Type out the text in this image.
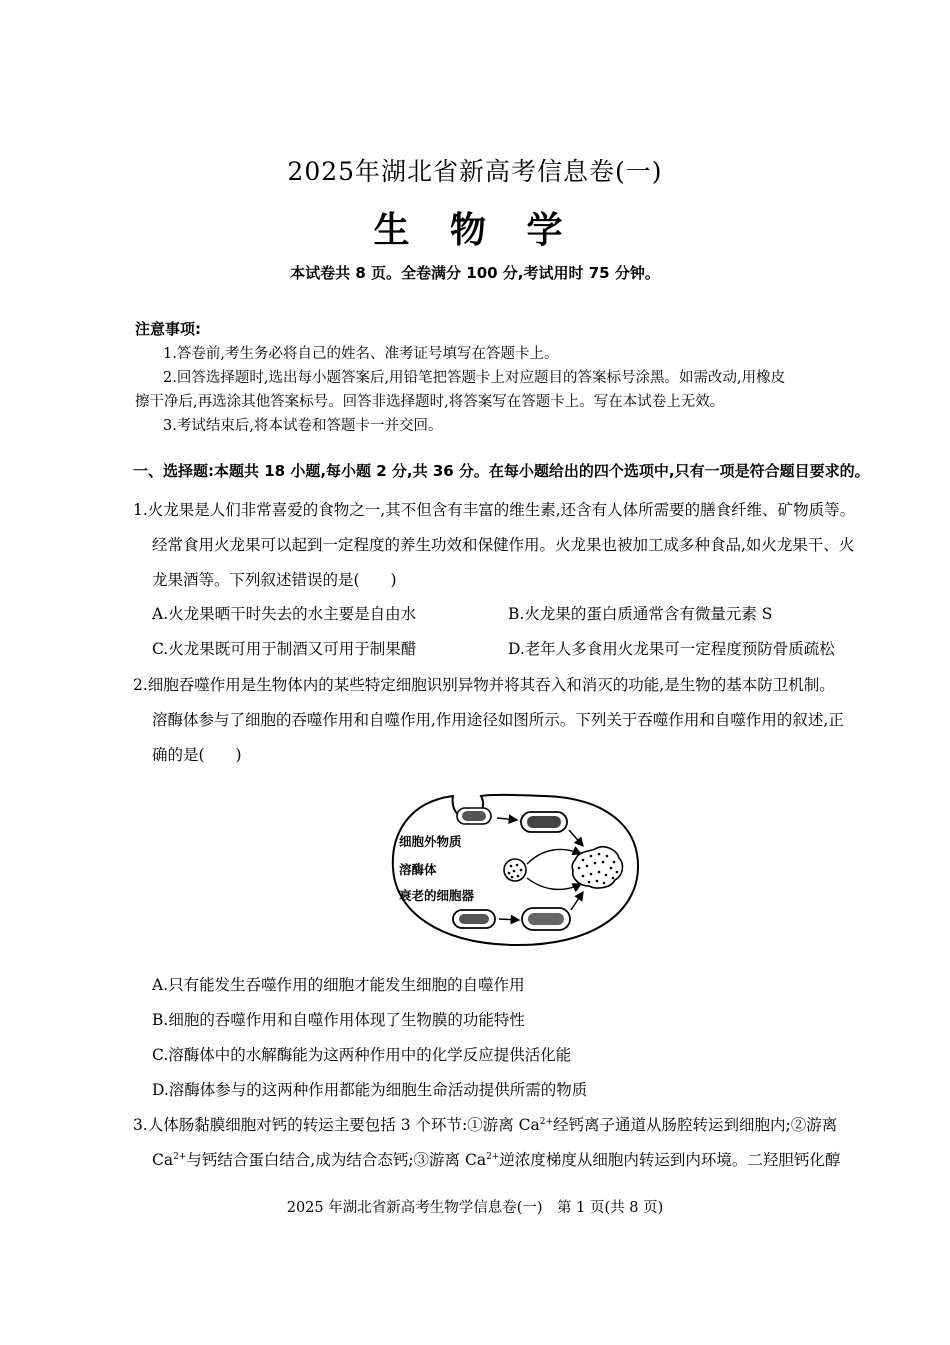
2025年湖北省新高考信息卷(一)
生 物 学
本试卷共 8 页。全卷满分 100 分,考试用时 75 分钟。
注意事项:
1.答卷前,考生务必将自己的姓名、准考证号填写在答题卡上。
2.回答选择题时,选出每小题答案后,用铅笔把答题卡上对应题目的答案标号涂黑。如需改动,用橡皮
擦干净后,再选涂其他答案标号。回答非选择题时,将答案写在答题卡上。写在本试卷上无效。
3.考试结束后,将本试卷和答题卡一并交回。
一、选择题:本题共 18 小题,每小题 2 分,共 36 分。在每小题给出的四个选项中,只有一项是符合题目要求的。
1.火龙果是人们非常喜爱的食物之一,其不但含有丰富的维生素,还含有人体所需要的膳食纤维、矿物质等。
经常食用火龙果可以起到一定程度的养生功效和保健作用。火龙果也被加工成多种食品,如火龙果干、火
龙果酒等。下列叙述错误的是(　　)
A.火龙果晒干时失去的水主要是自由水	B.火龙果的蛋白质通常含有微量元素 S
C.火龙果既可用于制酒又可用于制果醋	D.老年人多食用火龙果可一定程度预防骨质疏松
2.细胞吞噬作用是生物体内的某些特定细胞识别异物并将其吞入和消灭的功能,是生物的基本防卫机制。
溶酶体参与了细胞的吞噬作用和自噬作用,作用途径如图所示。下列关于吞噬作用和自噬作用的叙述,正
确的是(　　)
细胞外物质
溶酶体
衰老的细胞器
A.只有能发生吞噬作用的细胞才能发生细胞的自噬作用
B.细胞的吞噬作用和自噬作用体现了生物膜的功能特性
C.溶酶体中的水解酶能为这两种作用中的化学反应提供活化能
D.溶酶体参与的这两种作用都能为细胞生命活动提供所需的物质
3.人体肠黏膜细胞对钙的转运主要包括 3 个环节:①游离 $Ca^{2+}$经钙离子通道从肠腔转运到细胞内;②游离
$Ca^{2+}$与钙结合蛋白结合,成为结合态钙;③游离 $Ca^{2+}$逆浓度梯度从细胞内转运到内环境。二羟胆钙化醇
2025 年湖北省新高考生物学信息卷(一)　第 1 页(共 8 页)
